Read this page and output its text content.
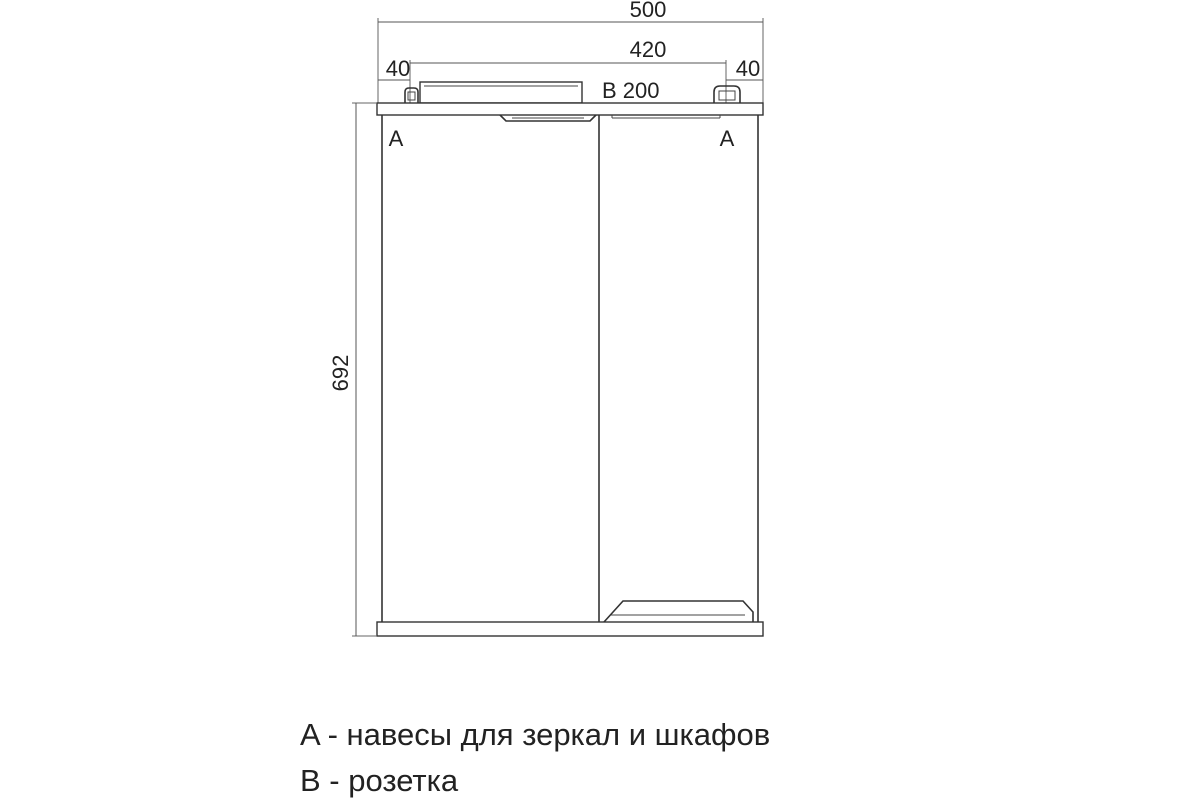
500
420
40	40
B 200
692
A	A
A - навесы для зеркал и шкафов
B - розетка
